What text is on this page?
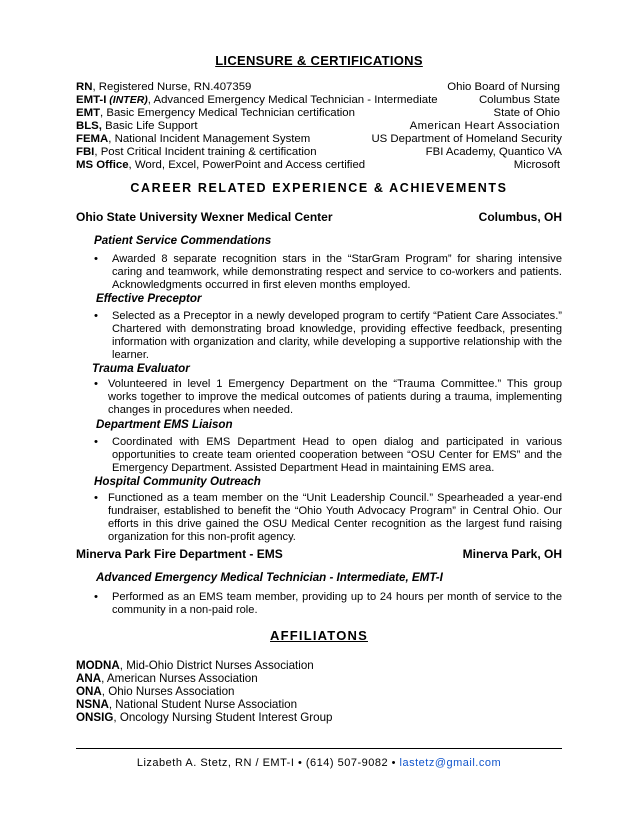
LICENSURE & CERTIFICATIONS
RN, Registered Nurse, RN.407359	Ohio Board of Nursing
EMT-I (INTER), Advanced Emergency Medical Technician - Intermediate	Columbus State
EMT, Basic Emergency Medical Technician certification	State of Ohio
BLS, Basic Life Support	American Heart Association
FEMA, National Incident Management System	US Department of Homeland Security
FBI, Post Critical Incident training & certification	FBI Academy, Quantico VA
MS Office, Word, Excel, PowerPoint and Access certified	Microsoft
CAREER RELATED EXPERIENCE & ACHIEVEMENTS
Ohio State University Wexner Medical Center	Columbus, OH
Patient Service Commendations
• Awarded 8 separate recognition stars in the “StarGram Program” for sharing intensive caring and teamwork, while demonstrating respect and service to co-workers and patients. Acknowledgments occurred in first eleven months employed.
Effective Preceptor
• Selected as a Preceptor in a newly developed program to certify “Patient Care Associates.” Chartered with demonstrating broad knowledge, providing effective feedback, presenting information with organization and clarity, while developing a supportive relationship with the learner.
Trauma Evaluator
• Volunteered in level 1 Emergency Department on the “Trauma Committee.” This group works together to improve the medical outcomes of patients during a trauma, implementing changes in procedures when needed.
Department EMS Liaison
• Coordinated with EMS Department Head to open dialog and participated in various opportunities to create team oriented cooperation between “OSU Center for EMS” and the Emergency Department. Assisted Department Head in maintaining EMS area.
Hospital Community Outreach
• Functioned as a team member on the “Unit Leadership Council.” Spearheaded a year-end fundraiser, established to benefit the “Ohio Youth Advocacy Program” in Central Ohio. Our efforts in this drive gained the OSU Medical Center recognition as the largest fund raising organization for this non-profit agency.
Minerva Park Fire Department - EMS	Minerva Park, OH
Advanced Emergency Medical Technician - Intermediate, EMT-I
• Performed as an EMS team member, providing up to 24 hours per month of service to the community in a non-paid role.
AFFILIATONS
MODNA, Mid-Ohio District Nurses Association
ANA, American Nurses Association
ONA, Ohio Nurses Association
NSNA, National Student Nurse Association
ONSIG, Oncology Nursing Student Interest Group
Lizabeth A. Stetz, RN / EMT-I • (614) 507-9082 • lastetz@gmail.com
